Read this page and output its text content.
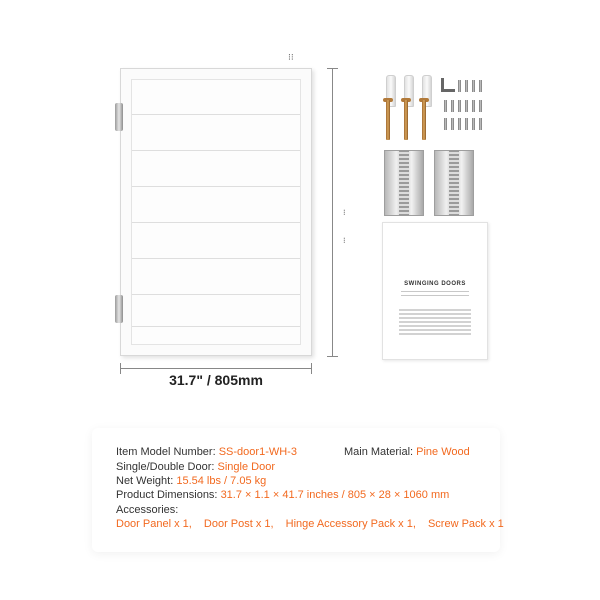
⁝⁝
⁝
⁝
31.7" / 805mm
SWINGING DOORS
Item Model Number: SS-door1-WH-3	Main Material: Pine Wood
Single/Double Door: Single Door
Net Weight: 15.54 lbs / 7.05 kg
Product Dimensions: 31.7 × 1.1 × 41.7 inches / 805 × 28 × 1060 mm
Accessories:
Door Panel x 1, Door Post x 1, Hinge Accessory Pack x 1, Screw Pack x 1
